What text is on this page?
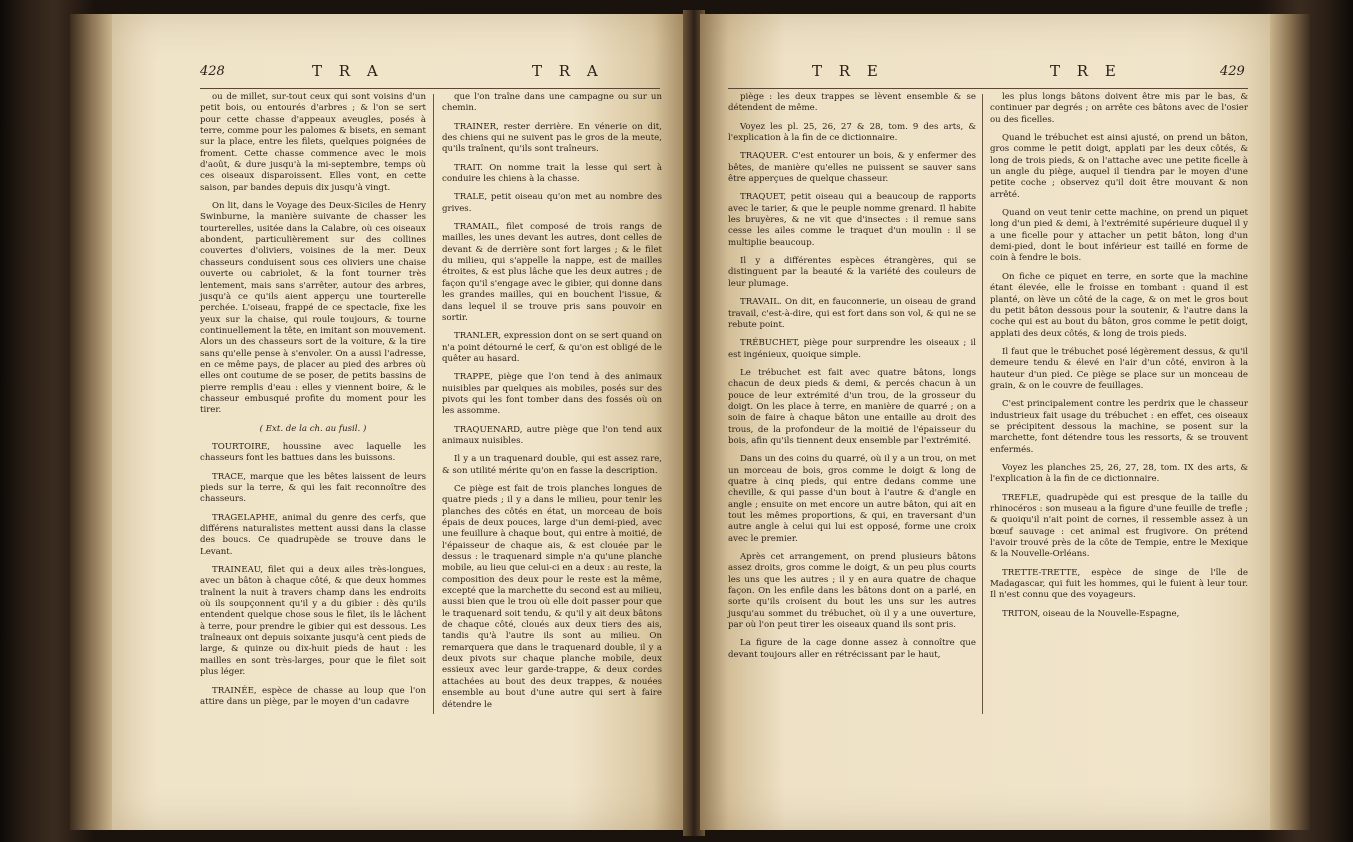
428	T R A	T R A

ou de millet, sur-tout ceux qui sont voisins d'un petit bois, ou entourés d'arbres ; & l'on se sert pour cette chasse d'appeaux aveugles, posés à terre, comme pour les palomes & bisets, en semant sur la place, entre les filets, quelques poignées de froment. Cette chasse commence avec le mois d'août, & dure jusqu'à la mi-septembre, temps où ces oiseaux disparoissent. Elles vont, en cette saison, par bandes depuis dix jusqu'à vingt.

On lit, dans le Voyage des Deux-Siciles de Henry Swinburne, la manière suivante de chasser les tourterelles, usitée dans la Calabre, où ces oiseaux abondent, particulièrement sur des collines couvertes d'oliviers, voisines de la mer. Deux chasseurs conduisent sous ces oliviers une chaise ouverte ou cabriolet, & la font tourner très lentement, mais sans s'arrêter, autour des arbres, jusqu'à ce qu'ils aient apperçu une tourterelle perchée. L'oiseau, frappé de ce spectacle, fixe les yeux sur la chaise, qui roule toujours, & tourne continuellement la tête, en imitant son mouvement. Alors un des chasseurs sort de la voiture, & la tire sans qu'elle pense à s'envoler. On a aussi l'adresse, en ce même pays, de placer au pied des arbres où elles ont coutume de se poser, de petits bassins de pierre remplis d'eau : elles y viennent boire, & le chasseur embusqué profite du moment pour les tirer.

( Ext. de la ch. au fusil. )

TOURTOIRE, houssine avec laquelle les chasseurs font les battues dans les buissons.

TRACE, marque que les bêtes laissent de leurs pieds sur la terre, & qui les fait reconnoître des chasseurs.

TRAGELAPHE, animal du genre des cerfs, que différens naturalistes mettent aussi dans la classe des boucs. Ce quadrupède se trouve dans le Levant.

TRAINEAU, filet qui a deux ailes très-longues, avec un bâton à chaque côté, & que deux hommes traînent la nuit à travers champ dans les endroits où ils soupçonnent qu'il y a du gibier : dès qu'ils entendent quelque chose sous le filet, ils le lâchent à terre, pour prendre le gibier qui est dessous. Les traîneaux ont depuis soixante jusqu'à cent pieds de large, & quinze ou dix-huit pieds de haut : les mailles en sont très-larges, pour que le filet soit plus léger.

TRAINÉE, espèce de chasse au loup que l'on attire dans un piège, par le moyen d'un cadavre

que l'on traîne dans une campagne ou sur un chemin.

TRAINER, rester derrière. En vénerie on dit, des chiens qui ne suivent pas le gros de la meute, qu'ils traînent, qu'ils sont traîneurs.

TRAIT. On nomme trait la lesse qui sert à conduire les chiens à la chasse.

TRALE, petit oiseau qu'on met au nombre des grives.

TRAMAIL, filet composé de trois rangs de mailles, les unes devant les autres, dont celles de devant & de derrière sont fort larges ; & le filet du milieu, qui s'appelle la nappe, est de mailles étroites, & est plus lâche que les deux autres ; de façon qu'il s'engage avec le gibier, qui donne dans les grandes mailles, qui en bouchent l'issue, & dans lequel il se trouve pris sans pouvoir en sortir.

TRANLER, expression dont on se sert quand on n'a point détourné le cerf, & qu'on est obligé de le quêter au hasard.

TRAPPE, piège que l'on tend à des animaux nuisibles par quelques ais mobiles, posés sur des pivots qui les font tomber dans des fossés où on les assomme.

TRAQUENARD, autre piège que l'on tend aux animaux nuisibles.

Il y a un traquenard double, qui est assez rare, & son utilité mérite qu'on en fasse la description.

Ce piège est fait de trois planches longues de quatre pieds ; il y a dans le milieu, pour tenir les planches des côtés en état, un morceau de bois épais de deux pouces, large d'un demi-pied, avec une feuillure à chaque bout, qui entre à moitié, de l'épaisseur de chaque ais, & est clouée par le dessus : le traquenard simple n'a qu'une planche mobile, au lieu que celui-ci en a deux : au reste, la composition des deux pour le reste est la même, excepté que la marchette du second est au milieu, aussi bien que le trou où elle doit passer pour que le traquenard soit tendu, & qu'il y ait deux bâtons de chaque côté, cloués aux deux tiers des ais, tandis qu'à l'autre ils sont au milieu. On remarquera que dans le traquenard double, il y a deux pivots sur chaque planche mobile, deux essieux avec leur garde-trappe, & deux cordes attachées au bout des deux trappes, & nouées ensemble au bout d'une autre qui sert à faire détendre le

T R E	T R E	429

piège : les deux trappes se lèvent ensemble & se détendent de même.

Voyez les pl. 25, 26, 27 & 28, tom. 9 des arts, & l'explication à la fin de ce dictionnaire.

TRAQUER. C'est entourer un bois, & y enfermer des bêtes, de manière qu'elles ne puissent se sauver sans être apperçues de quelque chasseur.

TRAQUET, petit oiseau qui a beaucoup de rapports avec le tarier, & que le peuple nomme grenard. Il habite les bruyères, & ne vit que d'insectes : il remue sans cesse les ailes comme le traquet d'un moulin : il se multiplie beaucoup.

Il y a différentes espèces étrangères, qui se distinguent par la beauté & la variété des couleurs de leur plumage.

TRAVAIL. On dit, en fauconnerie, un oiseau de grand travail, c'est-à-dire, qui est fort dans son vol, & qui ne se rebute point.

TRÉBUCHET, piège pour surprendre les oiseaux ; il est ingénieux, quoique simple.

Le trébuchet est fait avec quatre bâtons, longs chacun de deux pieds & demi, & percés chacun à un pouce de leur extrémité d'un trou, de la grosseur du doigt. On les place à terre, en manière de quarré ; on a soin de faire à chaque bâton une entaille au droit des trous, de la profondeur de la moitié de l'épaisseur du bois, afin qu'ils tiennent deux ensemble par l'extrémité.

Dans un des coins du quarré, où il y a un trou, on met un morceau de bois, gros comme le doigt & long de quatre à cinq pieds, qui entre dedans comme une cheville, & qui passe d'un bout à l'autre & d'angle en angle ; ensuite on met encore un autre bâton, qui ait en tout les mêmes proportions, & qui, en traversant d'un autre angle à celui qui lui est opposé, forme une croix avec le premier.

Après cet arrangement, on prend plusieurs bâtons assez droits, gros comme le doigt, & un peu plus courts les uns que les autres ; il y en aura quatre de chaque façon. On les enfile dans les bâtons dont on a parlé, en sorte qu'ils croisent du bout les uns sur les autres jusqu'au sommet du trébuchet, où il y a une ouverture, par où l'on peut tirer les oiseaux quand ils sont pris.

La figure de la cage donne assez à connoître que devant toujours aller en rétrécissant par le haut,

les plus longs bâtons doivent être mis par le bas, & continuer par degrés ; on arrête ces bâtons avec de l'osier ou des ficelles.

Quand le trébuchet est ainsi ajusté, on prend un bâton, gros comme le petit doigt, applati par les deux côtés, & long de trois pieds, & on l'attache avec une petite ficelle à un angle du piège, auquel il tiendra par le moyen d'une petite coche ; observez qu'il doit être mouvant & non arrêté.

Quand on veut tenir cette machine, on prend un piquet long d'un pied & demi, à l'extrémité supérieure duquel il y a une ficelle pour y attacher un petit bâton, long d'un demi-pied, dont le bout inférieur est taillé en forme de coin à fendre le bois.

On fiche ce piquet en terre, en sorte que la machine étant élevée, elle le froisse en tombant : quand il est planté, on lève un côté de la cage, & on met le gros bout du petit bâton dessous pour la soutenir, & l'autre dans la coche qui est au bout du bâton, gros comme le petit doigt, applati des deux côtés, & long de trois pieds.

Il faut que le trébuchet posé légèrement dessus, & qu'il demeure tendu & élevé en l'air d'un côté, environ à la hauteur d'un pied. Ce piège se place sur un monceau de grain, & on le couvre de feuillages.

C'est principalement contre les perdrix que le chasseur industrieux fait usage du trébuchet : en effet, ces oiseaux se précipitent dessous la machine, se posent sur la marchette, font détendre tous les ressorts, & se trouvent enfermés.

Voyez les planches 25, 26, 27, 28, tom. IX des arts, & l'explication à la fin de ce dictionnaire.

TREFLE, quadrupède qui est presque de la taille du rhinocéros : son museau a la figure d'une feuille de trefle ; & quoiqu'il n'ait point de cornes, il ressemble assez à un bœuf sauvage : cet animal est frugivore. On prétend l'avoir trouvé près de la côte de Tempie, entre le Mexique & la Nouvelle-Orléans.

TRETTE-TRETTE, espèce de singe de l'île de Madagascar, qui fuit les hommes, qui le fuient à leur tour. Il n'est connu que des voyageurs.

TRITON, oiseau de la Nouvelle-Espagne,
